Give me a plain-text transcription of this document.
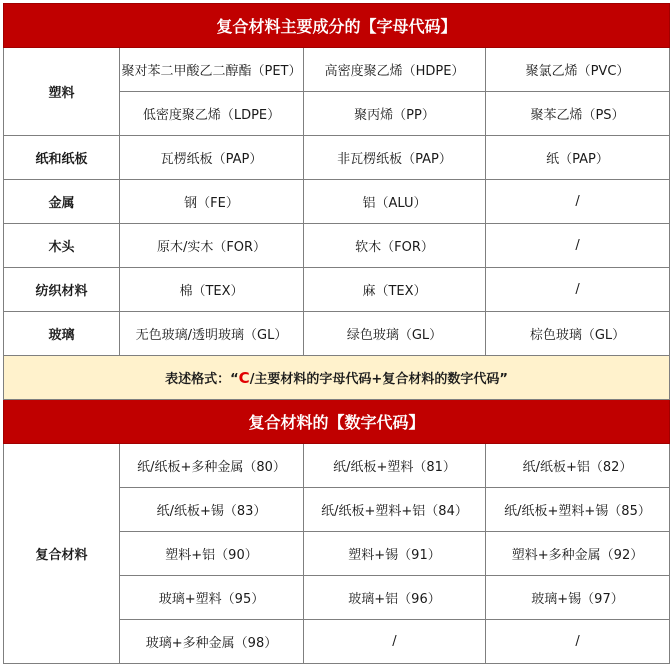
复合材料主要成分的【字母代码】			
塑料	聚对苯二甲酸乙二醇酯（PET）	高密度聚乙烯（HDPE）	聚氯乙烯（PVC）
	低密度聚乙烯（LDPE）	聚丙烯（PP）	聚苯乙烯（PS）
纸和纸板	瓦楞纸板（PAP）	非瓦楞纸板（PAP）	纸（PAP）
金属	钢（FE）	铝（ALU）	/
木头	原木/实木（FOR）	软木（FOR）	/
纺织材料	棉（TEX）	麻（TEX）	/
玻璃	无色玻璃/透明玻璃（GL）	绿色玻璃（GL）	棕色玻璃（GL）
表述格式：“C/主要材料的字母代码+复合材料的数字代码”			
复合材料的【数字代码】			
复合材料	纸/纸板+多种金属（80）	纸/纸板+塑料（81）	纸/纸板+铝（82）
	纸/纸板+锡（83）	纸/纸板+塑料+铝（84）	纸/纸板+塑料+锡（85）
	塑料+铝（90）	塑料+锡（91）	塑料+多种金属（92）
	玻璃+塑料（95）	玻璃+铝（96）	玻璃+锡（97）
	玻璃+多种金属（98）	/	/
